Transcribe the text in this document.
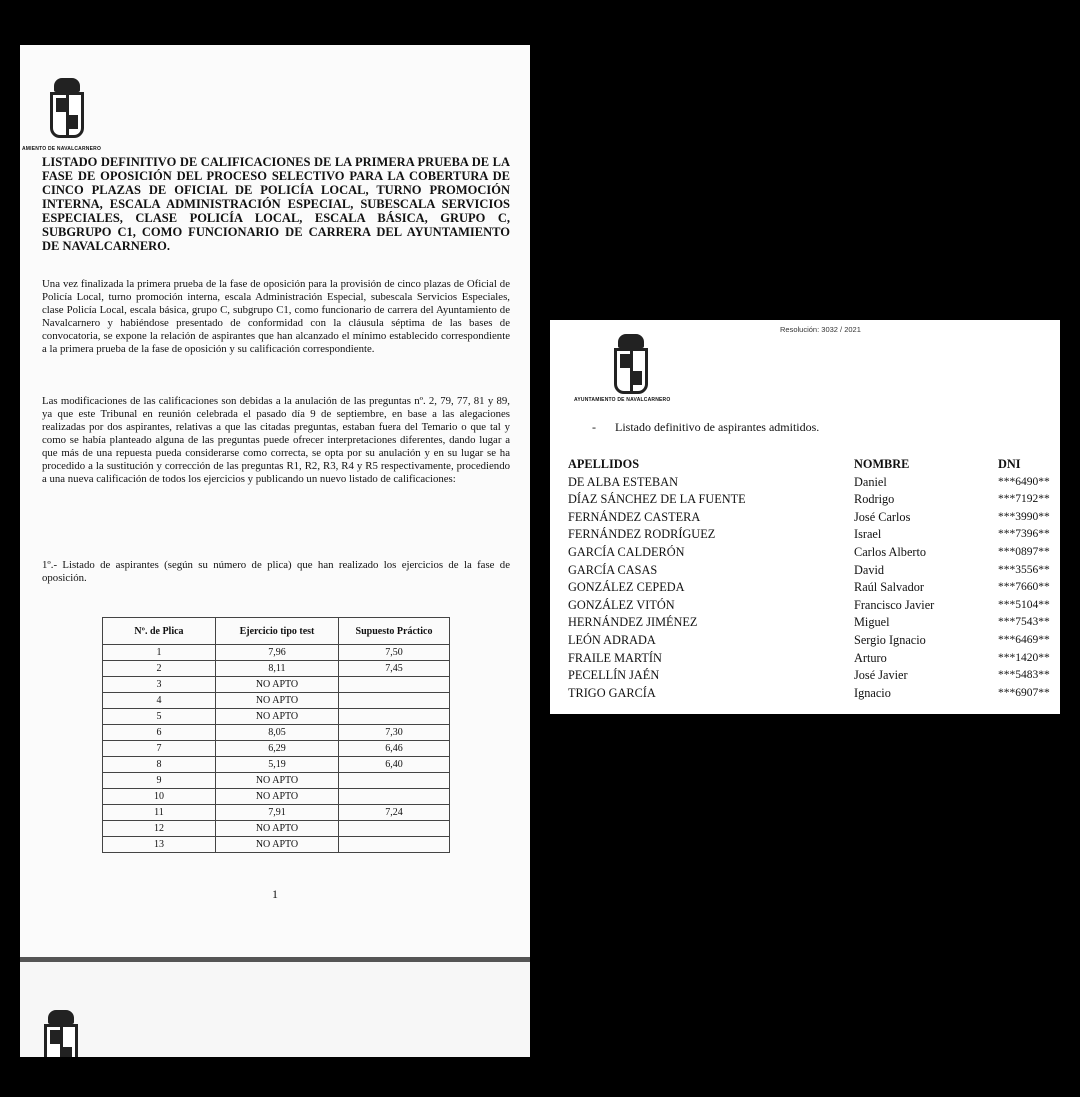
AMIENTO DE NAVALCARNERO

LISTADO DEFINITIVO DE CALIFICACIONES DE LA PRIMERA PRUEBA DE LA FASE DE OPOSICIÓN DEL PROCESO SELECTIVO PARA LA COBERTURA DE CINCO PLAZAS DE OFICIAL DE POLICÍA LOCAL, TURNO PROMOCIÓN INTERNA, ESCALA ADMINISTRACIÓN ESPECIAL, SUBESCALA SERVICIOS ESPECIALES, CLASE POLICÍA LOCAL, ESCALA BÁSICA, GRUPO C, SUBGRUPO C1, COMO FUNCIONARIO DE CARRERA DEL AYUNTAMIENTO DE NAVALCARNERO.

Una vez finalizada la primera prueba de la fase de oposición para la provisión de cinco plazas de Oficial de Policía Local, turno promoción interna, escala Administración Especial, subescala Servicios Especiales, clase Policía Local, escala básica, grupo C, subgrupo C1, como funcionario de carrera del Ayuntamiento de Navalcarnero y habiéndose presentado de conformidad con la cláusula séptima de las bases de convocatoria, se expone la relación de aspirantes que han alcanzado el mínimo establecido correspondiente a la primera prueba de la fase de oposición y su calificación correspondiente.

Las modificaciones de las calificaciones son debidas a la anulación de las preguntas nº. 2, 79, 77, 81 y 89, ya que este Tribunal en reunión celebrada el pasado día 9 de septiembre, en base a las alegaciones realizadas por dos aspirantes, relativas a que las citadas preguntas, estaban fuera del Temario o que tal y como se había planteado alguna de las preguntas puede ofrecer interpretaciones diferentes, dando lugar a que más de una repuesta pueda considerarse como correcta, se opta por su anulación y en su lugar se ha procedido a la sustitución y corrección de las preguntas R1, R2, R3, R4 y R5 respectivamente, procediendo a una nueva calificación de todos los ejercicios y publicando un nuevo listado de calificaciones:

1º.- Listado de aspirantes (según su número de plica) que han realizado los ejercicios de la fase de oposición.

Nº. de Plica	Ejercicio tipo test	Supuesto Práctico
1	7,96	7,50
2	8,11	7,45
3	NO APTO	
4	NO APTO	
5	NO APTO	
6	8,05	7,30
7	6,29	6,46
8	5,19	6,40
9	NO APTO	
10	NO APTO	
11	7,91	7,24
12	NO APTO	
13	NO APTO	
1
Resolución: 3032 / 2021
AYUNTAMIENTO DE NAVALCARNERO
- Listado definitivo de aspirantes admitidos.
APELLIDOS	NOMBRE	DNI
DE ALBA ESTEBAN	Daniel	***6490**
DÍAZ SÁNCHEZ DE LA FUENTE	Rodrigo	***7192**
FERNÁNDEZ CASTERA	José Carlos	***3990**
FERNÁNDEZ RODRÍGUEZ	Israel	***7396**
GARCÍA CALDERÓN	Carlos Alberto	***0897**
GARCÍA CASAS	David	***3556**
GONZÁLEZ CEPEDA	Raúl Salvador	***7660**
GONZÁLEZ VITÓN	Francisco Javier	***5104**
HERNÁNDEZ JIMÉNEZ	Miguel	***7543**
LEÓN ADRADA	Sergio Ignacio	***6469**
FRAILE MARTÍN	Arturo	***1420**
PECELLÍN JAÉN	José Javier	***5483**
TRIGO GARCÍA	Ignacio	***6907**
